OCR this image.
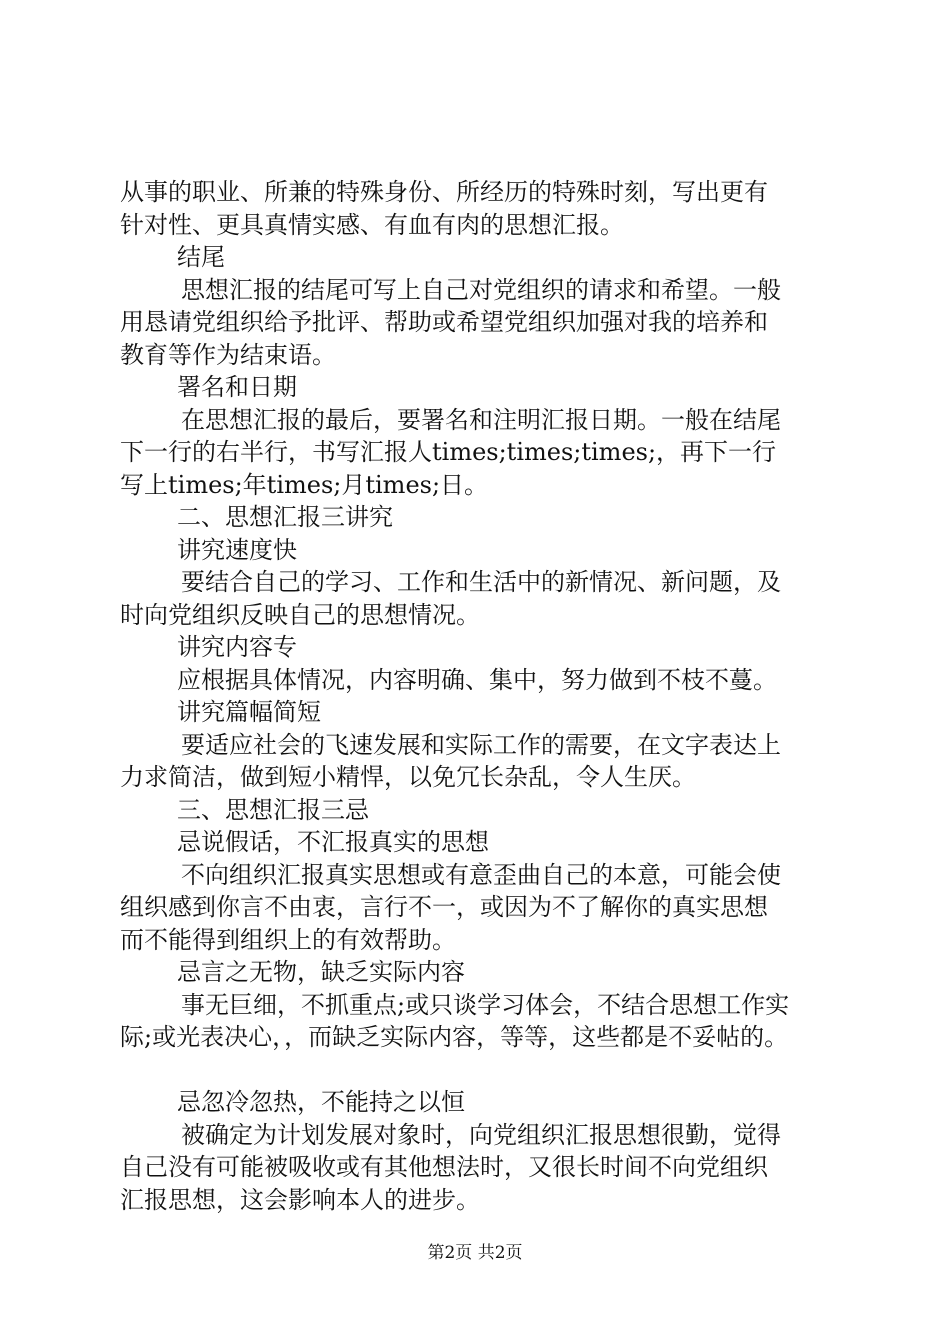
从事的职业、所兼的特殊身份、所经历的特殊时刻，写出更有
针对性、更具真情实感、有血有肉的思想汇报。
结尾
思想汇报的结尾可写上自己对党组织的请求和希望。一般
用恳请党组织给予批评、帮助或希望党组织加强对我的培养和
教育等作为结束语。
署名和日期
在思想汇报的最后，要署名和注明汇报日期。一般在结尾
下一行的右半行，书写汇报人times;times;times;，再下一行
写上times;年times;月times;日。
二、思想汇报三讲究
讲究速度快
要结合自己的学习、工作和生活中的新情况、新问题，及
时向党组织反映自己的思想情况。
讲究内容专
应根据具体情况，内容明确、集中，努力做到不枝不蔓。
讲究篇幅简短
要适应社会的飞速发展和实际工作的需要，在文字表达上
力求简洁，做到短小精悍，以免冗长杂乱，令人生厌。
三、思想汇报三忌
忌说假话，不汇报真实的思想
不向组织汇报真实思想或有意歪曲自己的本意，可能会使
组织感到你言不由衷，言行不一，或因为不了解你的真实思想
而不能得到组织上的有效帮助。
忌言之无物，缺乏实际内容
事无巨细，不抓重点;或只谈学习体会，不结合思想工作实
际;或光表决心，，而缺乏实际内容，等等，这些都是不妥帖的。
忌忽冷忽热，不能持之以恒
被确定为计划发展对象时，向党组织汇报思想很勤，觉得
自己没有可能被吸收或有其他想法时，又很长时间不向党组织
汇报思想，这会影响本人的进步。
第2页 共2页
